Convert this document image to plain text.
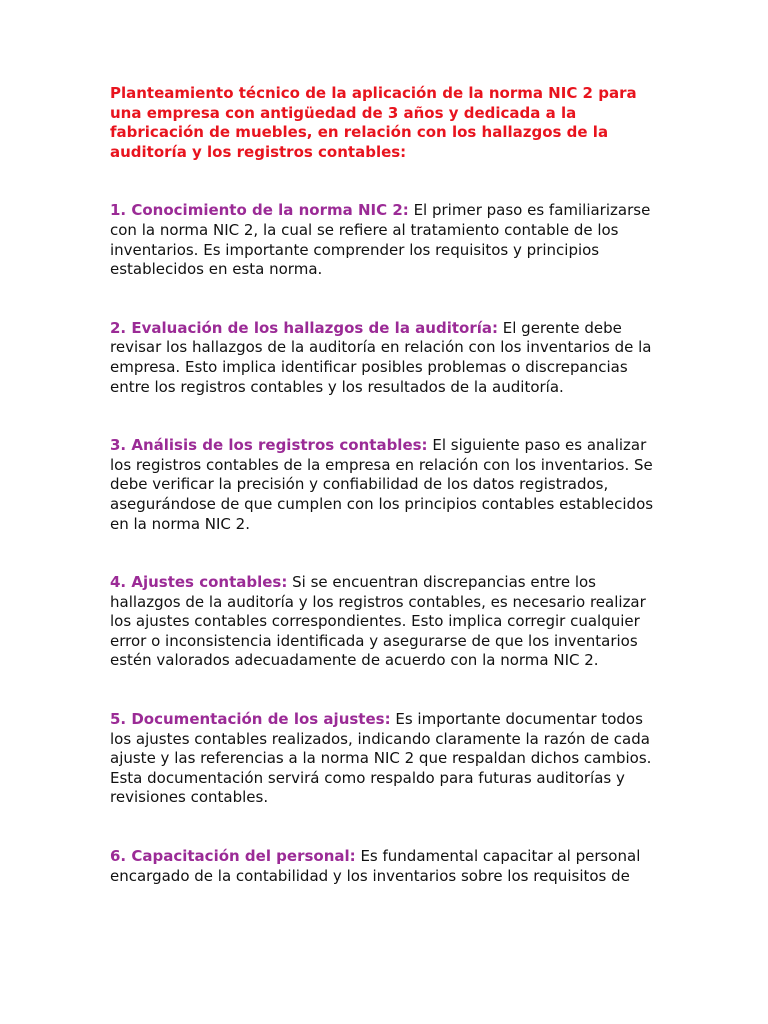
Planteamiento técnico de la aplicación de la norma NIC 2 para una empresa con antigüedad de 3 años y dedicada a la fabricación de muebles, en relación con los hallazgos de la auditoría y los registros contables:

1. Conocimiento de la norma NIC 2: El primer paso es familiarizarse con la norma NIC 2, la cual se refiere al tratamiento contable de los inventarios. Es importante comprender los requisitos y principios establecidos en esta norma.

2. Evaluación de los hallazgos de la auditoría: El gerente debe revisar los hallazgos de la auditoría en relación con los inventarios de la empresa. Esto implica identificar posibles problemas o discrepancias entre los registros contables y los resultados de la auditoría.

3. Análisis de los registros contables: El siguiente paso es analizar los registros contables de la empresa en relación con los inventarios. Se debe verificar la precisión y confiabilidad de los datos registrados, asegurándose de que cumplen con los principios contables establecidos en la norma NIC 2.

4. Ajustes contables: Si se encuentran discrepancias entre los hallazgos de la auditoría y los registros contables, es necesario realizar los ajustes contables correspondientes. Esto implica corregir cualquier error o inconsistencia identificada y asegurarse de que los inventarios estén valorados adecuadamente de acuerdo con la norma NIC 2.

5. Documentación de los ajustes: Es importante documentar todos los ajustes contables realizados, indicando claramente la razón de cada ajuste y las referencias a la norma NIC 2 que respaldan dichos cambios. Esta documentación servirá como respaldo para futuras auditorías y revisiones contables.

6. Capacitación del personal: Es fundamental capacitar al personal encargado de la contabilidad y los inventarios sobre los requisitos de
